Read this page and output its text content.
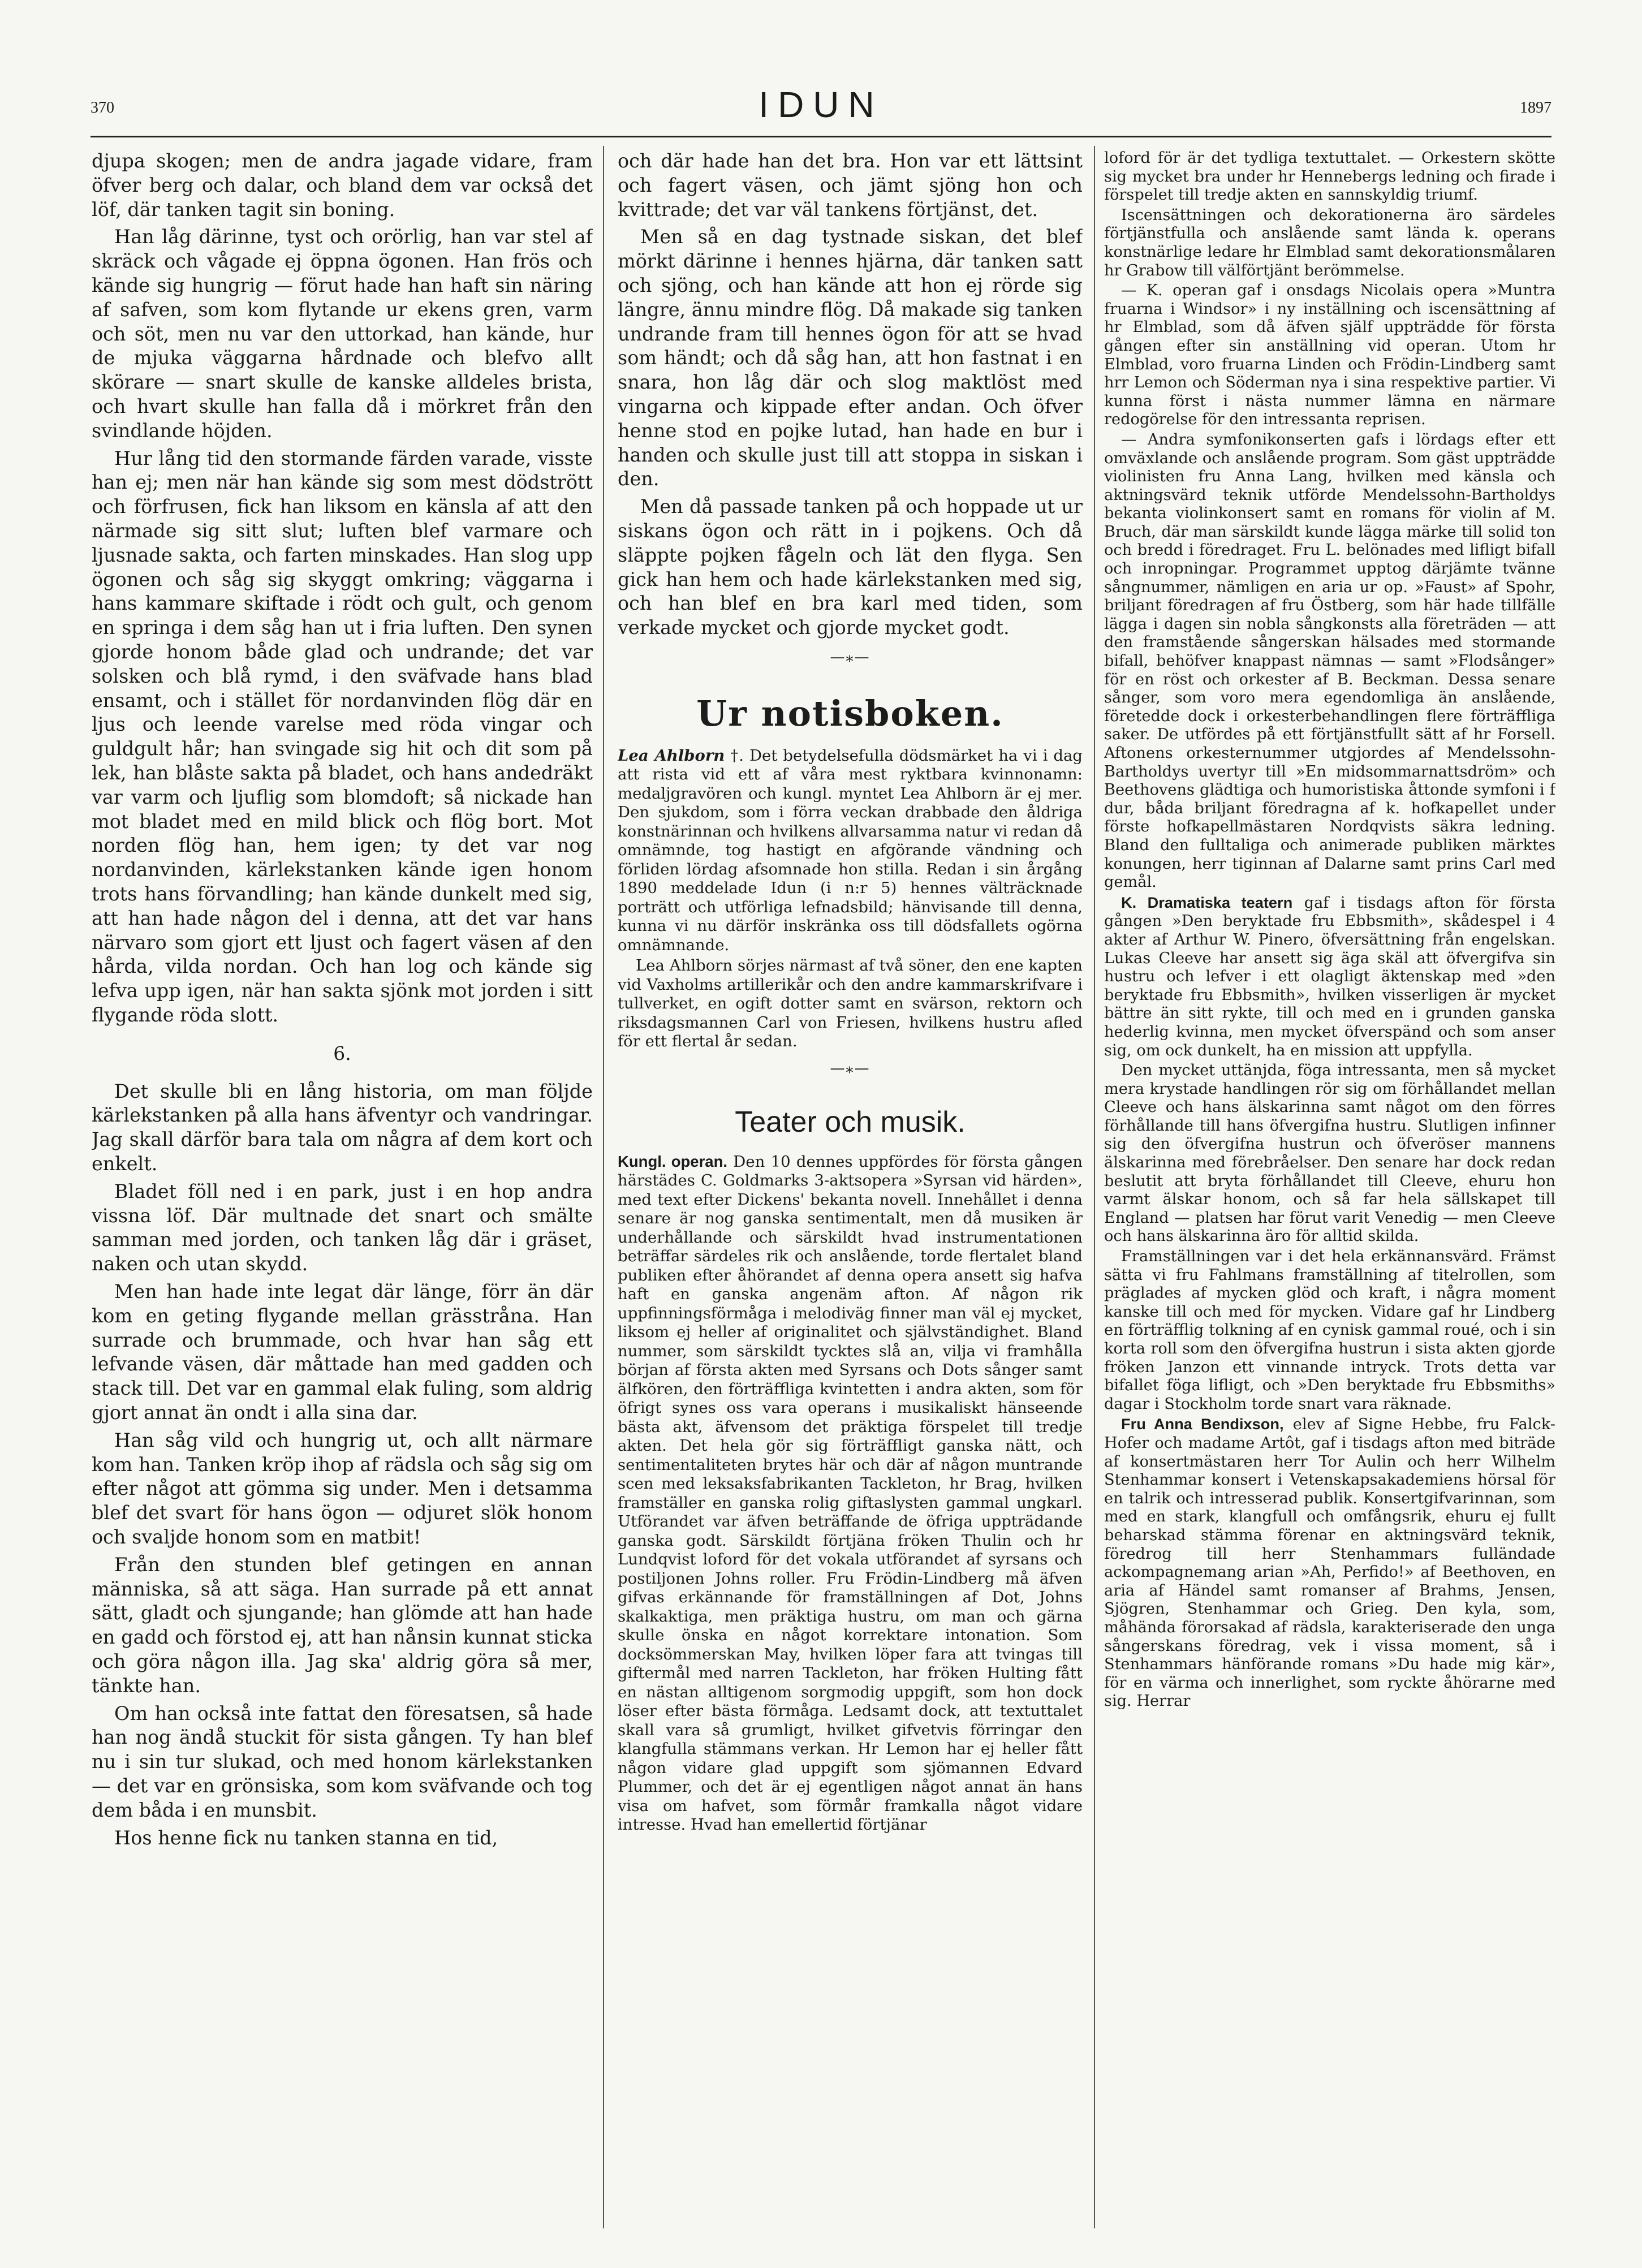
370	IDUN	1897

djupa skogen; men de andra jagade vidare, fram öfver berg och dalar, och bland dem var också det löf, där tanken tagit sin boning.

Han låg därinne, tyst och orörlig, han var stel af skräck och vågade ej öppna ögonen. Han frös och kände sig hungrig — förut hade han haft sin näring af safven, som kom flytande ur ekens gren, varm och söt, men nu var den uttorkad, han kände, hur de mjuka väggarna hårdnade och blefvo allt skörare — snart skulle de kanske alldeles brista, och hvart skulle han falla då i mörkret från den svindlande höjden.

Hur lång tid den stormande färden varade, visste han ej; men när han kände sig som mest dödstrött och förfrusen, fick han liksom en känsla af att den närmade sig sitt slut; luften blef varmare och ljusnade sakta, och farten minskades. Han slog upp ögonen och såg sig skyggt omkring; väggarna i hans kammare skiftade i rödt och gult, och genom en springa i dem såg han ut i fria luften. Den synen gjorde honom både glad och undrande; det var solsken och blå rymd, i den sväfvade hans blad ensamt, och i stället för nordanvinden flög där en ljus och leende varelse med röda vingar och guldgult hår; han svingade sig hit och dit som på lek, han blåste sakta på bladet, och hans andedräkt var varm och ljuflig som blomdoft; så nickade han mot bladet med en mild blick och flög bort. Mot norden flög han, hem igen; ty det var nog nordanvinden, kärlekstanken kände igen honom trots hans förvandling; han kände dunkelt med sig, att han hade någon del i denna, att det var hans närvaro som gjort ett ljust och fagert väsen af den hårda, vilda nordan. Och han log och kände sig lefva upp igen, när han sakta sjönk mot jorden i sitt flygande röda slott.

6.

Det skulle bli en lång historia, om man följde kärlekstanken på alla hans äfventyr och vandringar. Jag skall därför bara tala om några af dem kort och enkelt.

Bladet föll ned i en park, just i en hop andra vissna löf. Där multnade det snart och smälte samman med jorden, och tanken låg där i gräset, naken och utan skydd.

Men han hade inte legat där länge, förr än där kom en geting flygande mellan grässtråna. Han surrade och brummade, och hvar han såg ett lefvande väsen, där måttade han med gadden och stack till. Det var en gammal elak fuling, som aldrig gjort annat än ondt i alla sina dar.

Han såg vild och hungrig ut, och allt närmare kom han. Tanken kröp ihop af rädsla och såg sig om efter något att gömma sig under. Men i detsamma blef det svart för hans ögon — odjuret slök honom och svaljde honom som en matbit!

Från den stunden blef getingen en annan människa, så att säga. Han surrade på ett annat sätt, gladt och sjungande; han glömde att han hade en gadd och förstod ej, att han nånsin kunnat sticka och göra någon illa. Jag ska' aldrig göra så mer, tänkte han.

Om han också inte fattat den föresatsen, så hade han nog ändå stuckit för sista gången. Ty han blef nu i sin tur slukad, och med honom kärlekstanken — det var en grönsiska, som kom sväfvande och tog dem båda i en munsbit.

Hos henne fick nu tanken stanna en tid,

och där hade han det bra. Hon var ett lättsint och fagert väsen, och jämt sjöng hon och kvittrade; det var väl tankens förtjänst, det.

Men så en dag tystnade siskan, det blef mörkt därinne i hennes hjärna, där tanken satt och sjöng, och han kände att hon ej rörde sig längre, ännu mindre flög. Då makade sig tanken undrande fram till hennes ögon för att se hvad som händt; och då såg han, att hon fastnat i en snara, hon låg där och slog maktlöst med vingarna och kippade efter andan. Och öfver henne stod en pojke lutad, han hade en bur i handen och skulle just till att stoppa in siskan i den.

Men då passade tanken på och hoppade ut ur siskans ögon och rätt in i pojkens. Och då släppte pojken fågeln och lät den flyga. Sen gick han hem och hade kärlekstanken med sig, och han blef en bra karl med tiden, som verkade mycket och gjorde mycket godt.

—⁎—
Ur notisboken.

Lea Ahlborn †. Det betydelsefulla dödsmärket ha vi i dag att rista vid ett af våra mest ryktbara kvinnonamn: medaljgravören och kungl. myntet Lea Ahlborn är ej mer. Den sjukdom, som i förra veckan drabbade den åldriga konstnärinnan och hvilkens allvarsamma natur vi redan då omnämnde, tog hastigt en afgörande vändning och förliden lördag afsomnade hon stilla. Redan i sin årgång 1890 meddelade Idun (i n:r 5) hennes välträcknade porträtt och utförliga lefnadsbild; hänvisande till denna, kunna vi nu därför inskränka oss till dödsfallets ogörna omnämnande.

Lea Ahlborn sörjes närmast af två söner, den ene kapten vid Vaxholms artillerikår och den andre kammarskrifvare i tullverket, en ogift dotter samt en svärson, rektorn och riksdagsmannen Carl von Friesen, hvilkens hustru afled för ett flertal år sedan.

—⁎—
Teater och musik.

Kungl. operan. Den 10 dennes uppfördes för första gången härstädes C. Goldmarks 3-aktsopera »Syrsan vid härden», med text efter Dickens' bekanta novell. Innehållet i denna senare är nog ganska sentimentalt, men då musiken är underhållande och särskildt hvad instrumentationen beträffar särdeles rik och anslående, torde flertalet bland publiken efter åhörandet af denna opera ansett sig hafva haft en ganska angenäm afton. Af någon rik uppfinningsförmåga i melodiväg finner man väl ej mycket, liksom ej heller af originalitet och självständighet. Bland nummer, som särskildt tycktes slå an, vilja vi framhålla början af första akten med Syrsans och Dots sånger samt älfkören, den förträffliga kvintetten i andra akten, som för öfrigt synes oss vara operans i musikaliskt hänseende bästa akt, äfvensom det präktiga förspelet till tredje akten. Det hela gör sig förträffligt ganska nätt, och sentimentaliteten brytes här och där af någon muntrande scen med leksaksfabrikanten Tackleton, hr Brag, hvilken framställer en ganska rolig giftaslysten gammal ungkarl. Utförandet var äfven beträffande de öfriga uppträdande ganska godt. Särskildt förtjäna fröken Thulin och hr Lundqvist loford för det vokala utförandet af syrsans och postiljonen Johns roller. Fru Frödin-Lindberg må äfven gifvas erkännande för framställningen af Dot, Johns skalkaktiga, men präktiga hustru, om man och gärna skulle önska en något korrektare intonation. Som docksömmerskan May, hvilken löper fara att tvingas till giftermål med narren Tackleton, har fröken Hulting fått en nästan alltigenom sorgmodig uppgift, som hon dock löser efter bästa förmåga. Ledsamt dock, att textuttalet skall vara så grumligt, hvilket gifvetvis förringar den klangfulla stämmans verkan. Hr Lemon har ej heller fått någon vidare glad uppgift som sjömannen Edvard Plummer, och det är ej egentligen något annat än hans visa om hafvet, som förmår framkalla något vidare intresse. Hvad han emellertid förtjänar

loford för är det tydliga textuttalet. — Orkestern skötte sig mycket bra under hr Hennebergs ledning och firade i förspelet till tredje akten en sannskyldig triumf.

Iscensättningen och dekorationerna äro särdeles förtjänstfulla och anslående samt lända k. operans konstnärlige ledare hr Elmblad samt dekorationsmålaren hr Grabow till välförtjänt berömmelse.

— K. operan gaf i onsdags Nicolais opera »Muntra fruarna i Windsor» i ny inställning och iscensättning af hr Elmblad, som då äfven själf uppträdde för första gången efter sin anställning vid operan. Utom hr Elmblad, voro fruarna Linden och Frödin-Lindberg samt hrr Lemon och Söderman nya i sina respektive partier. Vi kunna först i nästa nummer lämna en närmare redogörelse för den intressanta reprisen.

— Andra symfonikonserten gafs i lördags efter ett omväxlande och anslående program. Som gäst uppträdde violinisten fru Anna Lang, hvilken med känsla och aktningsvärd teknik utförde Mendelssohn-Bartholdys bekanta violinkonsert samt en romans för violin af M. Bruch, där man särskildt kunde lägga märke till solid ton och bredd i föredraget. Fru L. belönades med lifligt bifall och inropningar. Programmet upptog därjämte tvänne sångnummer, nämligen en aria ur op. »Faust» af Spohr, briljant föredragen af fru Östberg, som här hade tillfälle lägga i dagen sin nobla sångkonsts alla företräden — att den framstående sångerskan hälsades med stormande bifall, behöfver knappast nämnas — samt »Flodsånger» för en röst och orkester af B. Beckman. Dessa senare sånger, som voro mera egendomliga än anslående, företedde dock i orkesterbehandlingen flere förträffliga saker. De utfördes på ett förtjänstfullt sätt af hr Forsell. Aftonens orkesternummer utgjordes af Mendelssohn-Bartholdys uvertyr till »En midsommarnattsdröm» och Beethovens glädtiga och humoristiska åttonde symfoni i f dur, båda briljant föredragna af k. hofkapellet under förste hofkapellmästaren Nordqvists säkra ledning. Bland den fulltaliga och animerade publiken märktes konungen, herr tiginnan af Dalarne samt prins Carl med gemål.

K. Dramatiska teatern gaf i tisdags afton för första gången »Den beryktade fru Ebbsmith», skådespel i 4 akter af Arthur W. Pinero, öfversättning från engelskan. Lukas Cleeve har ansett sig äga skäl att öfvergifva sin hustru och lefver i ett olagligt äktenskap med »den beryktade fru Ebbsmith», hvilken visserligen är mycket bättre än sitt rykte, till och med en i grunden ganska hederlig kvinna, men mycket öfverspänd och som anser sig, om ock dunkelt, ha en mission att uppfylla.

Den mycket uttänjda, föga intressanta, men så mycket mera krystade handlingen rör sig om förhållandet mellan Cleeve och hans älskarinna samt något om den förres förhållande till hans öfvergifna hustru. Slutligen infinner sig den öfvergifna hustrun och öfveröser mannens älskarinna med förebråelser. Den senare har dock redan beslutit att bryta förhållandet till Cleeve, ehuru hon varmt älskar honom, och så far hela sällskapet till England — platsen har förut varit Venedig — men Cleeve och hans älskarinna äro för alltid skilda.

Framställningen var i det hela erkännansvärd. Främst sätta vi fru Fahlmans framställning af titelrollen, som präglades af mycken glöd och kraft, i några moment kanske till och med för mycken. Vidare gaf hr Lindberg en förträfflig tolkning af en cynisk gammal roué, och i sin korta roll som den öfvergifna hustrun i sista akten gjorde fröken Janzon ett vinnande intryck. Trots detta var bifallet föga lifligt, och »Den beryktade fru Ebbsmiths» dagar i Stockholm torde snart vara räknade.

Fru Anna Bendixson, elev af Signe Hebbe, fru Falck-Hofer och madame Artôt, gaf i tisdags afton med biträde af konsertmästaren herr Tor Aulin och herr Wilhelm Stenhammar konsert i Vetenskapsakademiens hörsal för en talrik och intresserad publik. Konsertgifvarinnan, som med en stark, klangfull och omfångsrik, ehuru ej fullt beharskad stämma förenar en aktningsvärd teknik, föredrog till herr Stenhammars fulländade ackompagnemang arian »Ah, Perfido!» af Beethoven, en aria af Händel samt romanser af Brahms, Jensen, Sjögren, Stenhammar och Grieg. Den kyla, som, måhända förorsakad af rädsla, karakteriserade den unga sångerskans föredrag, vek i vissa moment, så i Stenhammars hänförande romans »Du hade mig kär», för en värma och innerlighet, som ryckte åhörarne med sig. Herrar
